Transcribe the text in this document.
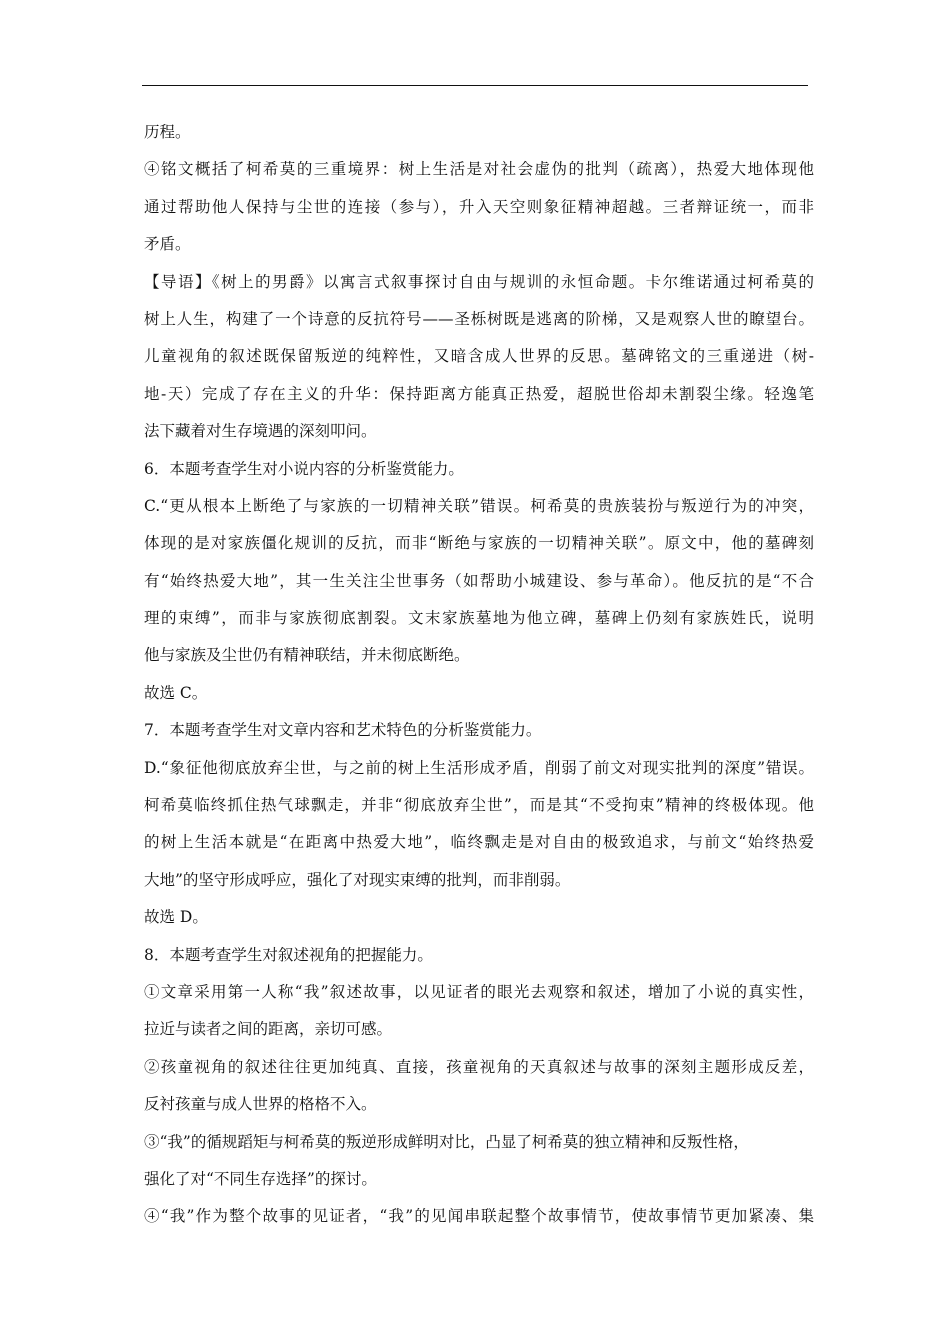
历程。
④铭文概括了柯希莫的三重境界：树上生活是对社会虚伪的批判（疏离），热爱大地体现他
通过帮助他人保持与尘世的连接（参与），升入天空则象征精神超越。三者辩证统一，而非
矛盾。
【导语】《树上的男爵》以寓言式叙事探讨自由与规训的永恒命题。卡尔维诺通过柯希莫的
树上人生，构建了一个诗意的反抗符号——圣栎树既是逃离的阶梯，又是观察人世的瞭望台。
儿童视角的叙述既保留叛逆的纯粹性，又暗含成人世界的反思。墓碑铭文的三重递进（树-
地-天）完成了存在主义的升华：保持距离方能真正热爱，超脱世俗却未割裂尘缘。轻逸笔
法下藏着对生存境遇的深刻叩问。
6．本题考查学生对小说内容的分析鉴赏能力。
C.“更从根本上断绝了与家族的一切精神关联”错误。柯希莫的贵族装扮与叛逆行为的冲突，
体现的是对家族僵化规训的反抗，而非“断绝与家族的一切精神关联”。原文中，他的墓碑刻
有“始终热爱大地”，其一生关注尘世事务（如帮助小城建设、参与革命）。他反抗的是“不合
理的束缚”，而非与家族彻底割裂。文末家族墓地为他立碑，墓碑上仍刻有家族姓氏，说明
他与家族及尘世仍有精神联结，并未彻底断绝。
故选 C。
7．本题考查学生对文章内容和艺术特色的分析鉴赏能力。
D.“象征他彻底放弃尘世，与之前的树上生活形成矛盾，削弱了前文对现实批判的深度”错误。
柯希莫临终抓住热气球飘走，并非“彻底放弃尘世”，而是其“不受拘束”精神的终极体现。他
的树上生活本就是“在距离中热爱大地”，临终飘走是对自由的极致追求，与前文“始终热爱
大地”的坚守形成呼应，强化了对现实束缚的批判，而非削弱。
故选 D。
8．本题考查学生对叙述视角的把握能力。
①文章采用第一人称“我”叙述故事，以见证者的眼光去观察和叙述，增加了小说的真实性，
拉近与读者之间的距离，亲切可感。
②孩童视角的叙述往往更加纯真、直接，孩童视角的天真叙述与故事的深刻主题形成反差，
反衬孩童与成人世界的格格不入。
③“我”的循规蹈矩与柯希莫的叛逆形成鲜明对比，凸显了柯希莫的独立精神和反叛性格，
强化了对“不同生存选择”的探讨。
④“我”作为整个故事的见证者，“我”的见闻串联起整个故事情节，使故事情节更加紧凑、集
